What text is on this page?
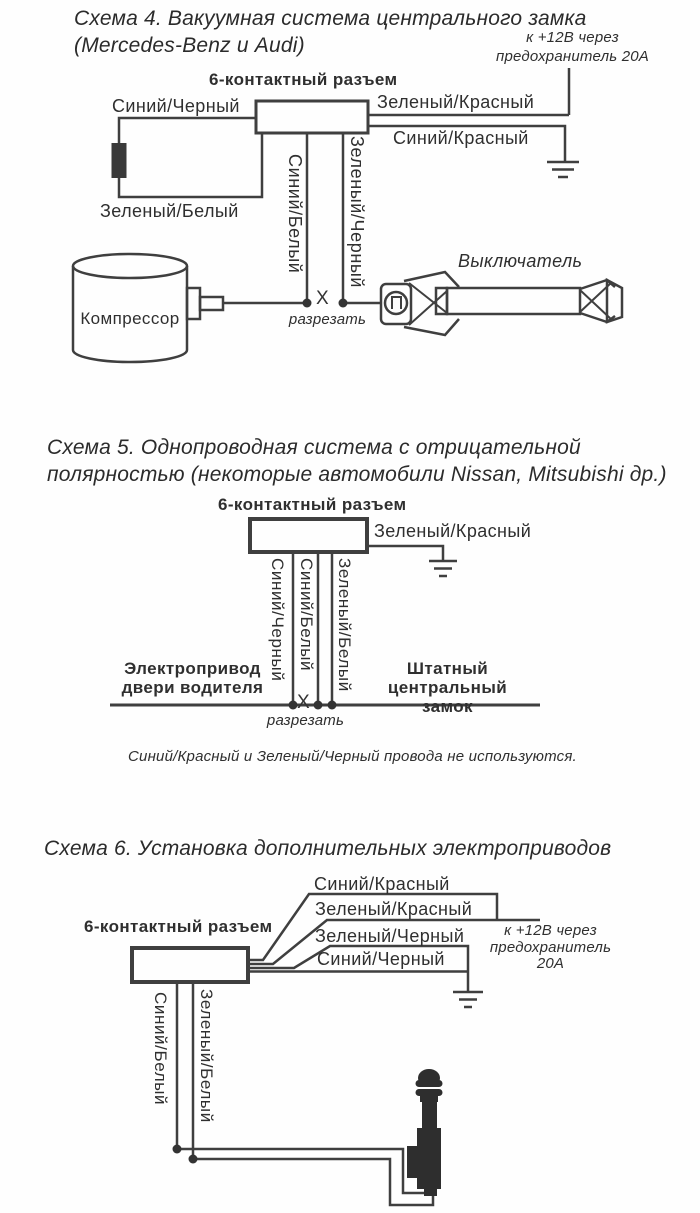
Схема 4. Вакуумная система центрального замка
(Mercedes-Benz и Audi)	к +12В через
предохранитель 20А
6-контактный разъем
Синий/Черный	Зеленый/Красный
Синий/Красный
Зеленый/Белый	Синий/Белый Зеленый/Черный
Компрессор
X
разрезать
Выключатель
Схема 5. Однопроводная система с отрицательной
полярностью (некоторые автомобили Nissan, Mitsubishi др.)
6-контактный разъем
Зеленый/Красный
Синий/Черный Синий/Белый Зеленый/Белый
Электропривод
двери водителя
Штатный
центральный замок
X
разрезать
Синий/Красный и Зеленый/Черный провода не используются.
Схема 6. Установка дополнительных электроприводов
6-контактный разъем
Синий/Красный
Зеленый/Красный
Зеленый/Черный
Синий/Черный
к +12В через
предохранитель
20А
Синий/Белый Зеленый/Белый
